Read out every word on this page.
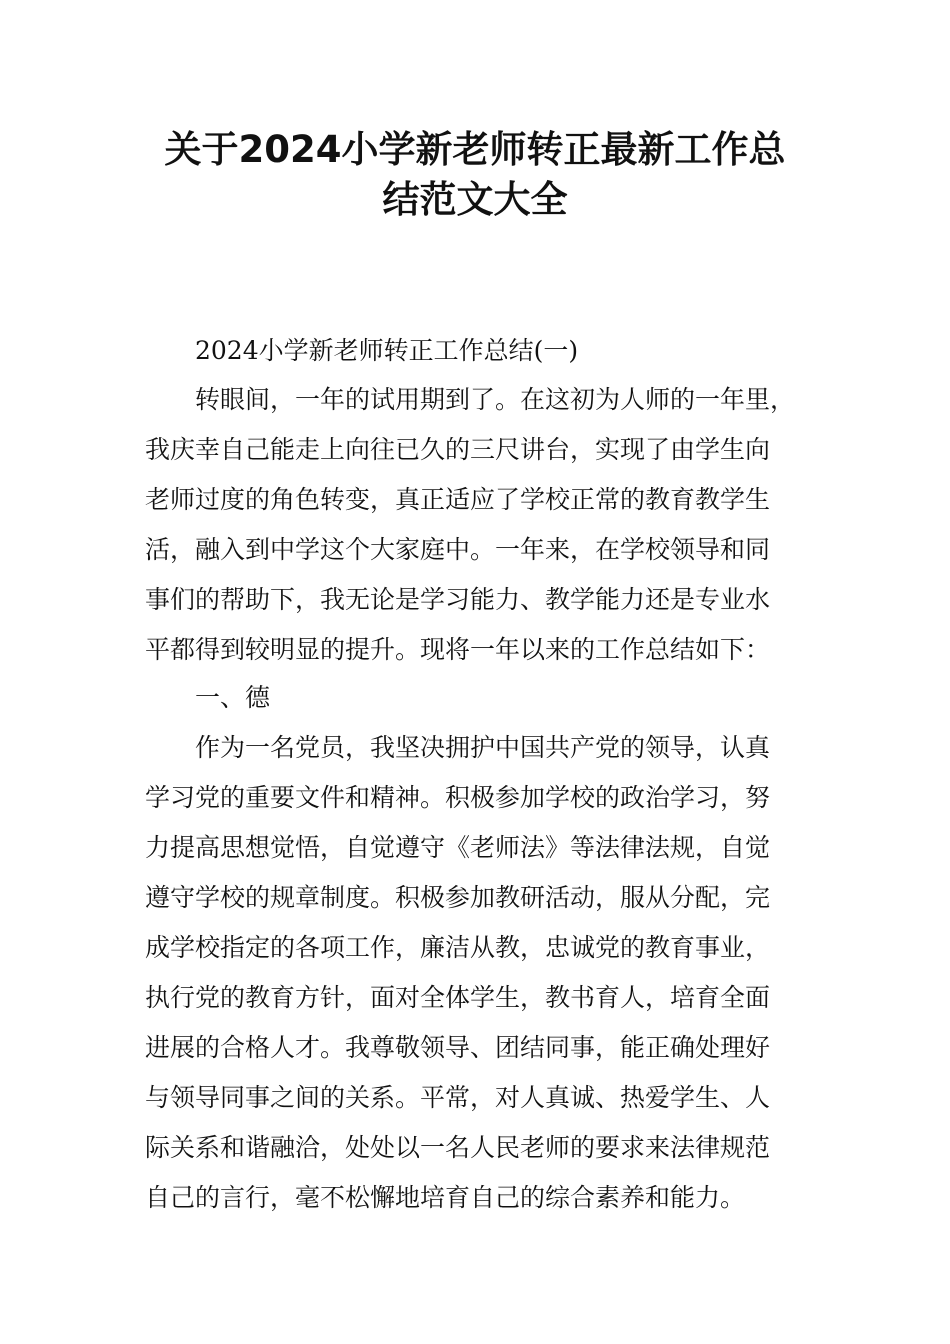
关于2024小学新老师转正最新工作总
结范文大全
2024小学新老师转正工作总结(一)
转眼间，一年的试用期到了。在这初为人师的一年里，
我庆幸自己能走上向往已久的三尺讲台，实现了由学生向
老师过度的角色转变，真正适应了学校正常的教育教学生
活，融入到中学这个大家庭中。一年来，在学校领导和同
事们的帮助下，我无论是学习能力、教学能力还是专业水
平都得到较明显的提升。现将一年以来的工作总结如下：
一、德
作为一名党员，我坚决拥护中国共产党的领导，认真
学习党的重要文件和精神。积极参加学校的政治学习，努
力提高思想觉悟，自觉遵守《老师法》等法律法规，自觉
遵守学校的规章制度。积极参加教研活动，服从分配，完
成学校指定的各项工作，廉洁从教，忠诚党的教育事业，
执行党的教育方针，面对全体学生，教书育人，培育全面
进展的合格人才。我尊敬领导、团结同事，能正确处理好
与领导同事之间的关系。平常，对人真诚、热爱学生、人
际关系和谐融洽，处处以一名人民老师的要求来法律规范
自己的言行，毫不松懈地培育自己的综合素养和能力。
